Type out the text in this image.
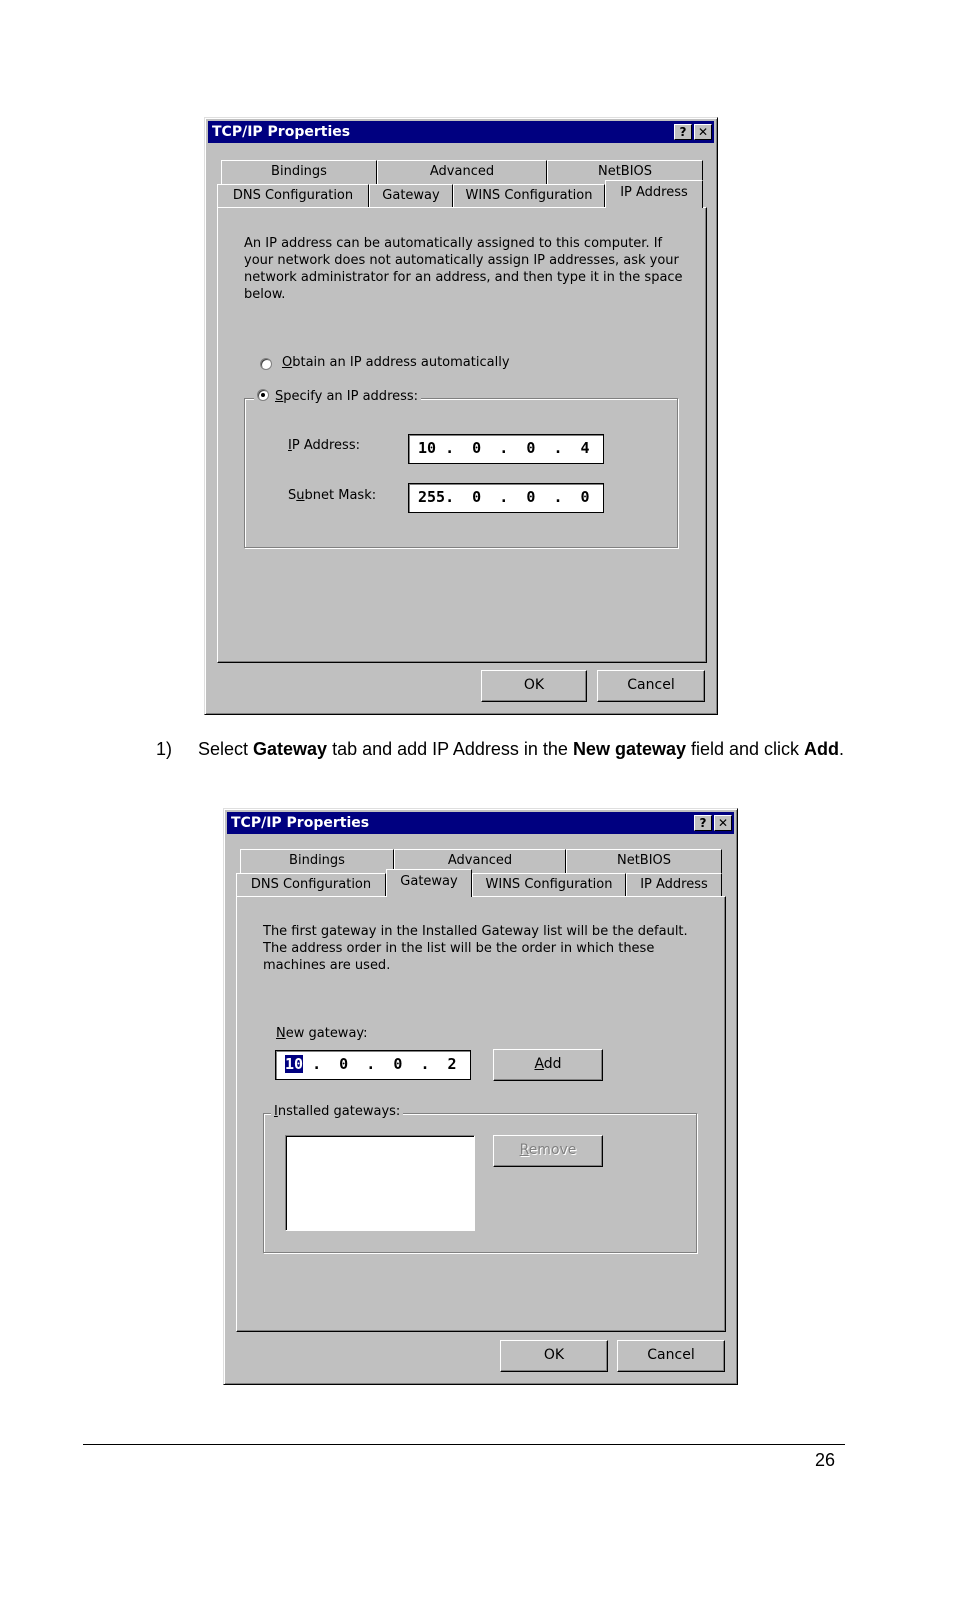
TCP/IP Properties	? ✕
Bindings	Advanced	NetBIOS
DNS Configuration	Gateway	WINS Configuration	IP Address
An IP address can be automatically assigned to this computer. If your network does not automatically assign IP addresses, ask your network administrator for an address, and then type it in the space below.
Obtain an IP address automatically
Specify an IP address:
IP Address:	10 .  0  .  0  .  4
Subnet Mask:	255.  0  .  0  .  0
OK	Cancel
1) Select Gateway tab and add IP Address in the New gateway field and click Add.
TCP/IP Properties	? ✕
Bindings	Advanced	NetBIOS
DNS Configuration	Gateway	WINS Configuration	IP Address
The first gateway in the Installed Gateway list will be the default. The address order in the list will be the order in which these machines are used.
New gateway:
10 .  0  .  0  .  2	Add
Installed gateways:
Remove
OK	Cancel
26
